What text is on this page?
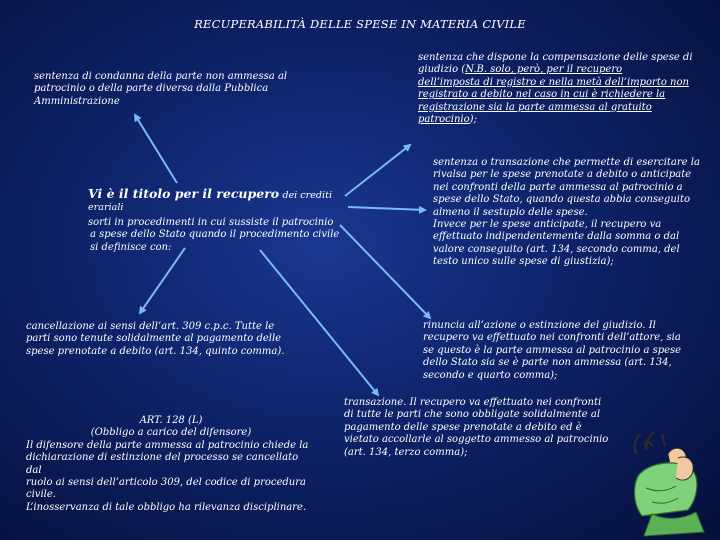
RECUPERABILITÀ DELLE SPESE IN MATERIA CIVILE
sentenza di condanna della parte non ammessa al
patrocinio o della parte diversa dalla Pubblica
Amministrazione
sentenza che dispone la compensazione delle spese di
giudizio (N.B. solo, però, per il recupero
dell’imposta di registro e nella metà dell’importo non
registrato a debito nel caso in cui è richiedere la
registrazione sia la parte ammessa al gratuito
patrocinio);
Vi è il titolo per il recupero dei crediti erariali
sorti in procedimenti in cui sussiste il patrocinio
a spese dello Stato quando il procedimento civile
si definisce con:
sentenza o transazione che permette di esercitare la
rivalsa per le spese prenotate a debito o anticipate
nei confronti della parte ammessa al patrocinio a
spese dello Stato, quando questa abbia conseguito
almeno il sestuplo delle spese.
Invece per le spese anticipate, il recupero va
effettuato indipendentemente dalla somma o dal
valore conseguito (art. 134, secondo comma, del
testo unico sulle spese di giustizia);
cancellazione ai sensi dell’art. 309 c.p.c. Tutte le
parti sono tenute solidalmente al pagamento delle
spese prenotate a debito (art. 134, quinto comma).
rinuncia all’azione o estinzione del giudizio. Il
recupero va effettuato nei confronti dell’attore, sia
se questo è la parte ammessa al patrocinio a spese
dello Stato sia se è parte non ammessa (art. 134,
secondo e quarto comma);
ART. 128 (L)
(Obbligo a carico del difensore)
Il difensore della parte ammessa al patrocinio chiede la
dichiarazione di estinzione del processo se cancellato dal
ruolo ai sensi dell’articolo 309, del codice di procedura
civile.
L’inosservanza di tale obbligo ha rilevanza disciplinare.
transazione. Il recupero va effettuato nei confronti
di tutte le parti che sono obbligate solidalmente al
pagamento delle spese prenotate a debito ed è
vietato accollarle al soggetto ammesso al patrocinio
(art. 134, terzo comma);
